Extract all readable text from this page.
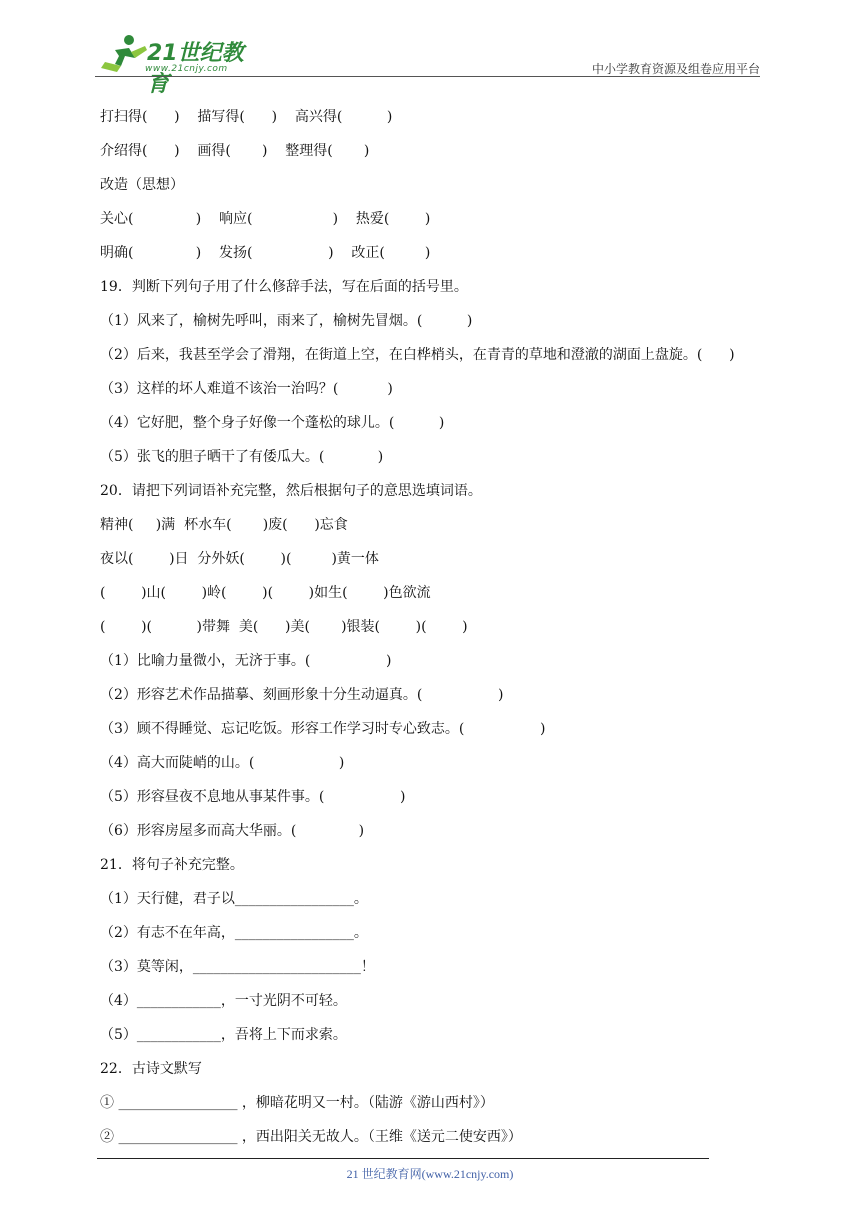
21世纪教育
www.21cnjy.com	中小学教育资源及组卷应用平台
打扫得(      )    描写得(      )    高兴得(          )
介绍得(      )    画得(       )    整理得(       )
改造（思想）
关心(              )    响应(                  )    热爱(        )
明确(              )    发扬(                 )    改正(         )
19．判断下列句子用了什么修辞手法，写在后面的括号里。
（1）风来了，榆树先呼叫，雨来了，榆树先冒烟。(          )
（2）后来，我甚至学会了滑翔，在街道上空，在白桦梢头，在青青的草地和澄澈的湖面上盘旋。(      )
（3）这样的坏人难道不该治一治吗？(           )
（4）它好肥，整个身子好像一个蓬松的球儿。(          )
（5）张飞的胆子晒干了有倭瓜大。(            )
20．请把下列词语补充完整，然后根据句子的意思选填词语。
精神(     )满  杯水车(       )废(      )忘食
夜以(        )日  分外妖(        )(         )黄一体
(        )山(        )岭(        )(        )如生(        )色欲流
(        )(          )带舞  美(      )美(       )银装(        )(        )
（1）比喻力量微小，无济于事。(                 )
（2）形容艺术作品描摹、刻画形象十分生动逼真。(                 )
（3）顾不得睡觉、忘记吃饭。形容工作学习时专心致志。(                 )
（4）高大而陡峭的山。(                   )
（5）形容昼夜不息地从事某件事。(                 )
（6）形容房屋多而高大华丽。(              )
21．将句子补充完整。
（1）天行健，君子以_________________。
（2）有志不在年高，_________________。
（3）莫等闲，________________________！
（4）____________，一寸光阴不可轻。
（5）____________，吾将上下而求索。
22．古诗文默写
① _________________ ，柳暗花明又一村。（陆游《游山西村》）
② _________________ ，西出阳关无故人。（王维《送元二使安西》）
21 世纪教育网(www.21cnjy.com)
